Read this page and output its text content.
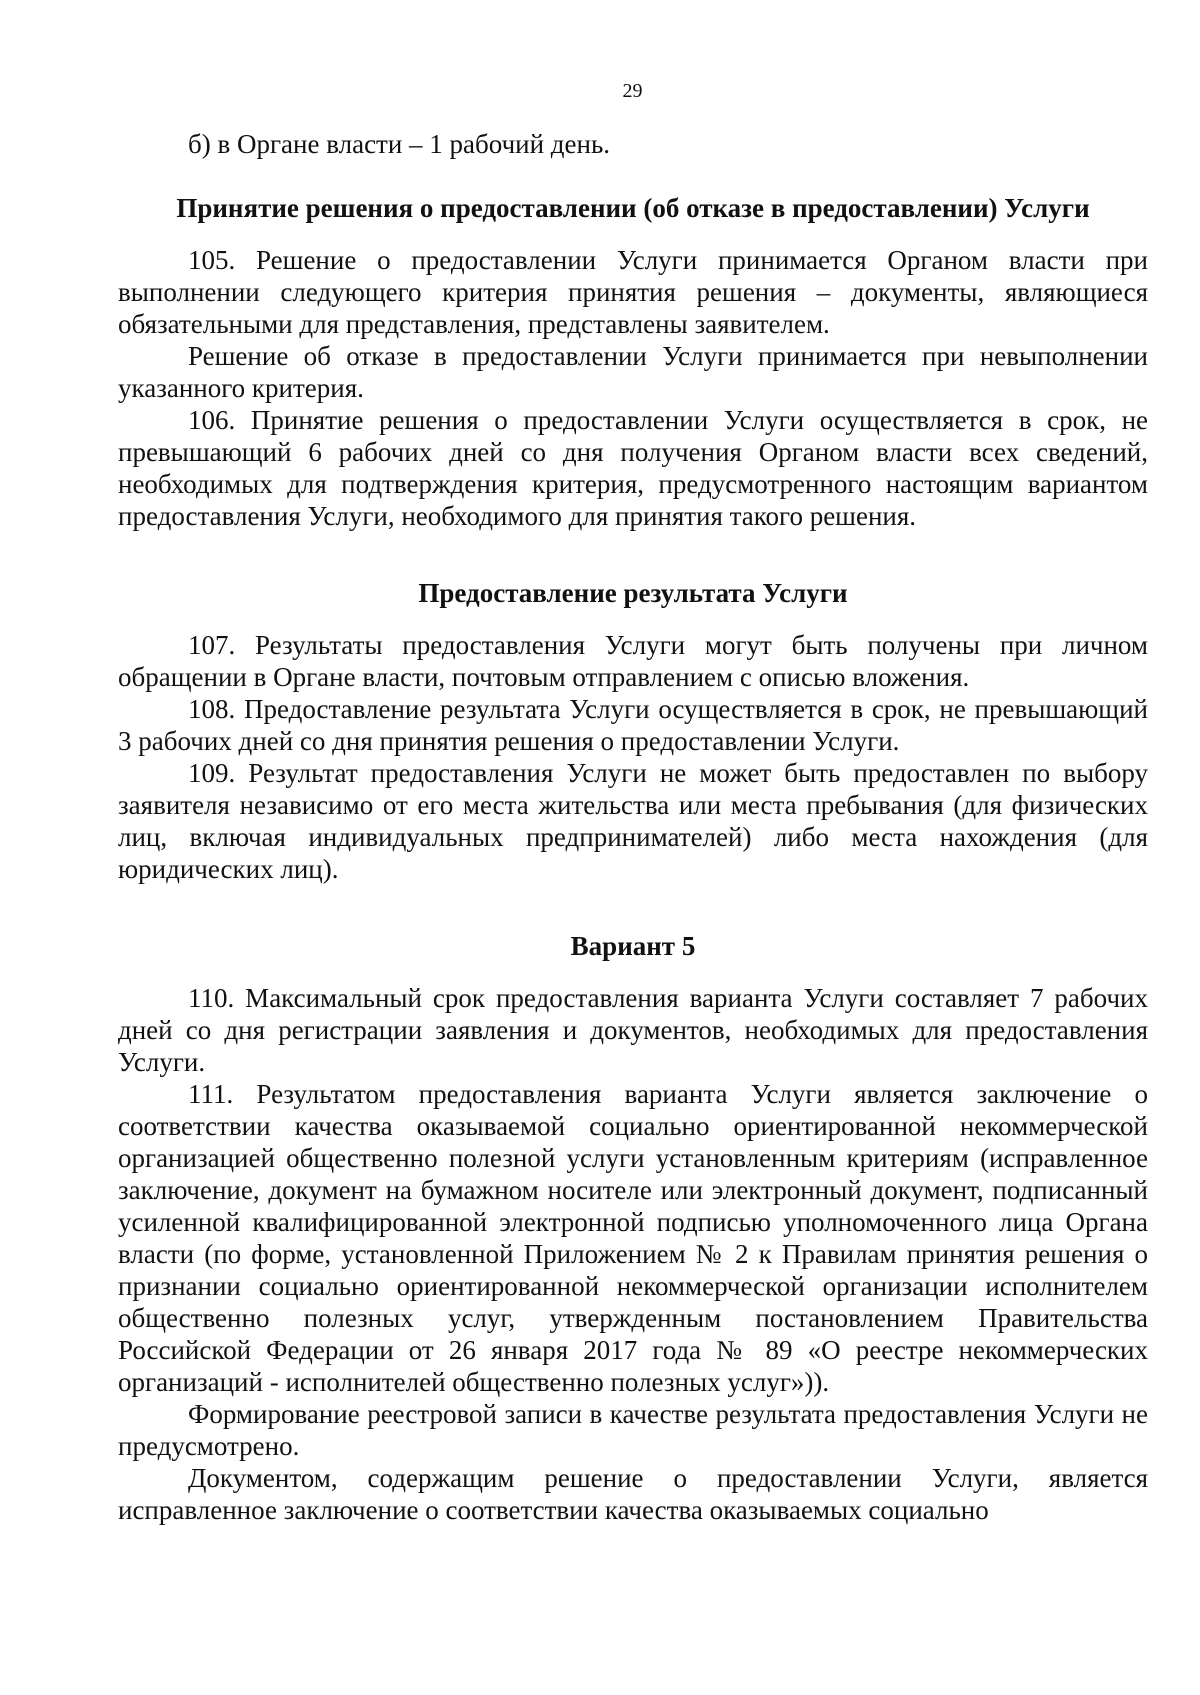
29

б) в Органе власти – 1 рабочий день.

Принятие решения о предоставлении (об отказе в предоставлении) Услуги

105. Решение о предоставлении Услуги принимается Органом власти при выполнении следующего критерия принятия решения – документы, являющиеся обязательными для представления, представлены заявителем.

Решение об отказе в предоставлении Услуги принимается при невыполнении указанного критерия.

106. Принятие решения о предоставлении Услуги осуществляется в срок, не превышающий 6 рабочих дней со дня получения Органом власти всех сведений, необходимых для подтверждения критерия, предусмотренного настоящим вариантом предоставления Услуги, необходимого для принятия такого решения.

Предоставление результата Услуги

107. Результаты предоставления Услуги могут быть получены при личном обращении в Органе власти, почтовым отправлением с описью вложения.

108. Предоставление результата Услуги осуществляется в срок, не превышающий 3 рабочих дней со дня принятия решения о предоставлении Услуги.

109. Результат предоставления Услуги не может быть предоставлен по выбору заявителя независимо от его места жительства или места пребывания (для физических лиц, включая индивидуальных предпринимателей) либо места нахождения (для юридических лиц).

Вариант 5

110. Максимальный срок предоставления варианта Услуги составляет 7 рабочих дней со дня регистрации заявления и документов, необходимых для предоставления Услуги.

111. Результатом предоставления варианта Услуги является заключение о соответствии качества оказываемой социально ориентированной некоммерческой организацией общественно полезной услуги установленным критериям (исправленное заключение, документ на бумажном носителе или электронный документ, подписанный усиленной квалифицированной электронной подписью уполномоченного лица Органа власти (по форме, установленной Приложением № 2 к Правилам принятия решения о признании социально ориентированной некоммерческой организации исполнителем общественно полезных услуг, утвержденным постановлением Правительства Российской Федерации от 26 января 2017 года № 89 «О реестре некоммерческих организаций - исполнителей общественно полезных услуг»)).

Формирование реестровой записи в качестве результата предоставления Услуги не предусмотрено.

Документом, содержащим решение о предоставлении Услуги, является исправленное заключение о соответствии качества оказываемых социально
